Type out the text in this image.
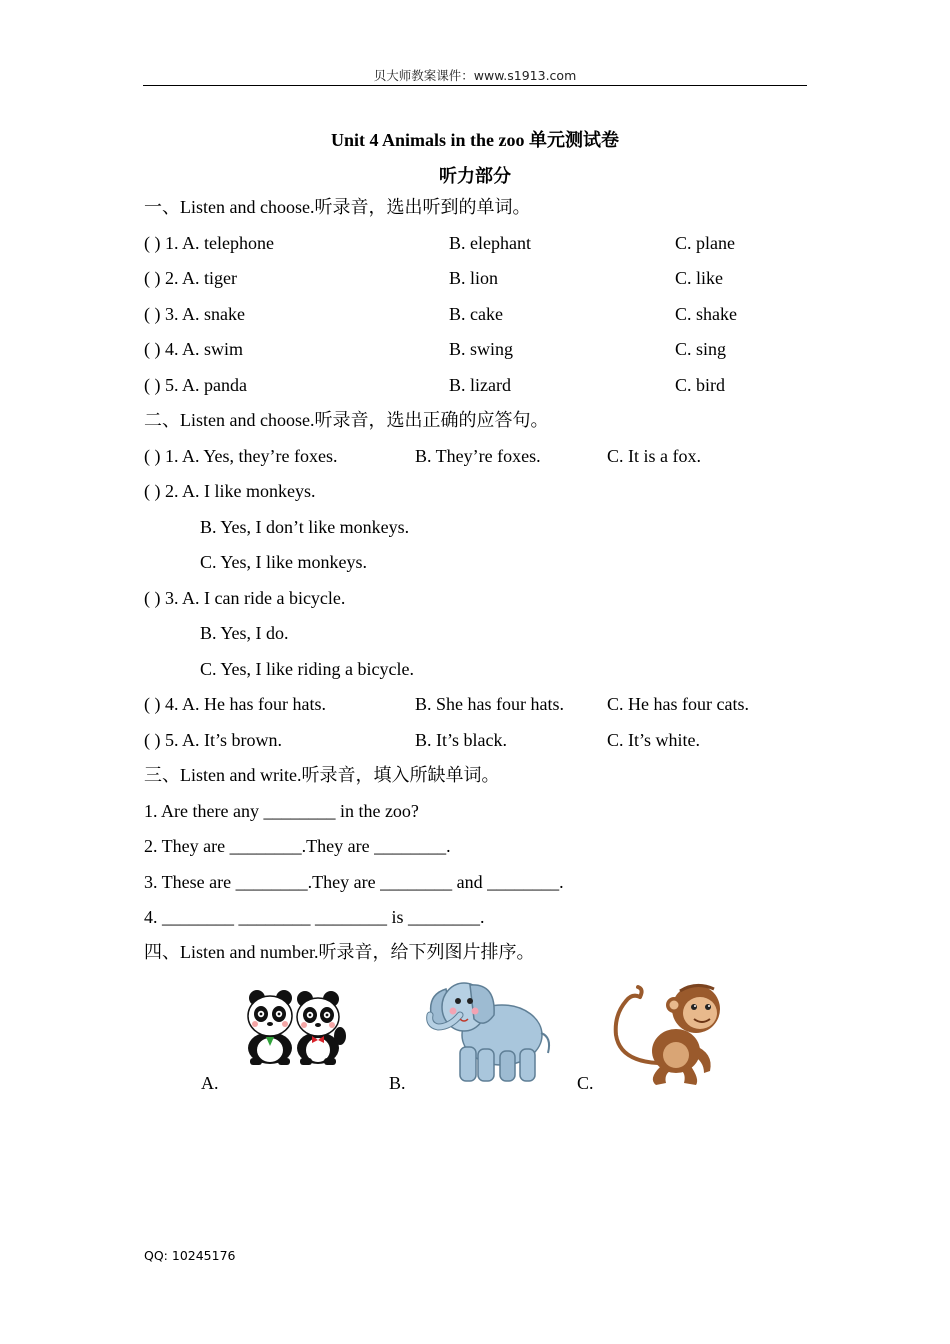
贝大师教案课件：www.s1913.com
Unit 4 Animals in the zoo 单元测试卷
听力部分
一、Listen and choose.听录音，选出听到的单词。
( ) 1. A. telephone	B. elephant	C. plane
( ) 2. A. tiger	B. lion	C. like
( ) 3. A. snake	B. cake	C. shake
( ) 4. A. swim	B. swing	C. sing
( ) 5. A. panda	B. lizard	C. bird
二、Listen and choose.听录音，选出正确的应答句。
( ) 1. A. Yes, they’re foxes.	B. They’re foxes.	C. It is a fox.
( ) 2. A. I like monkeys.
B. Yes, I don’t like monkeys.
C. Yes, I like monkeys.
( ) 3. A. I can ride a bicycle.
B. Yes, I do.
C. Yes, I like riding a bicycle.
( ) 4. A. He has four hats.	B. She has four hats. C. He has four cats.
( ) 5. A. It’s brown.	B. It’s black.	C. It’s white.
三、Listen and write.听录音，填入所缺单词。
1. Are there any ________ in the zoo?
2. They are ________.They are ________.
3. These are ________.They are ________ and ________.
4. ________ ________ ________ is ________.
四、Listen and number.听录音，给下列图片排序。
A.	B.	C.
QQ: 10245176
